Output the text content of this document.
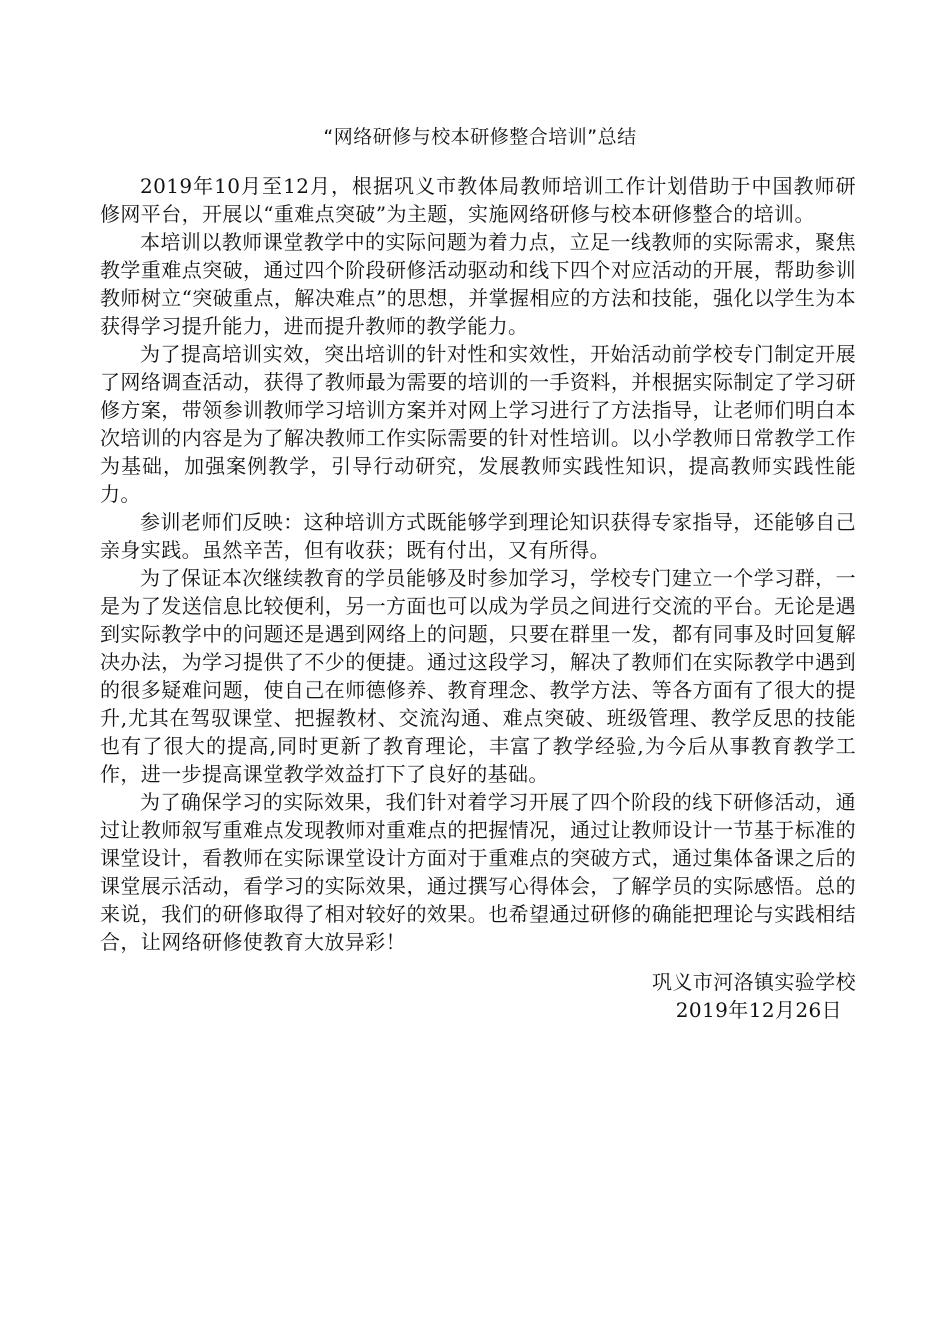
“网络研修与校本研修整合培训”总结

2019年10月至12月，根据巩义市教体局教师培训工作计划借助于中国教师研修网平台，开展以“重难点突破”为主题，实施网络研修与校本研修整合的培训。

本培训以教师课堂教学中的实际问题为着力点，立足一线教师的实际需求，聚焦教学重难点突破，通过四个阶段研修活动驱动和线下四个对应活动的开展，帮助参训教师树立“突破重点，解决难点”的思想，并掌握相应的方法和技能，强化以学生为本获得学习提升能力，进而提升教师的教学能力。

为了提高培训实效，突出培训的针对性和实效性，开始活动前学校专门制定开展了网络调查活动，获得了教师最为需要的培训的一手资料，并根据实际制定了学习研修方案，带领参训教师学习培训方案并对网上学习进行了方法指导，让老师们明白本次培训的内容是为了解决教师工作实际需要的针对性培训。以小学教师日常教学工作为基础，加强案例教学，引导行动研究，发展教师实践性知识，提高教师实践性能力。

参训老师们反映：这种培训方式既能够学到理论知识获得专家指导，还能够自己亲身实践。虽然辛苦，但有收获；既有付出，又有所得。

为了保证本次继续教育的学员能够及时参加学习，学校专门建立一个学习群，一是为了发送信息比较便利，另一方面也可以成为学员之间进行交流的平台。无论是遇到实际教学中的问题还是遇到网络上的问题，只要在群里一发，都有同事及时回复解决办法，为学习提供了不少的便捷。通过这段学习，解决了教师们在实际教学中遇到的很多疑难问题，使自己在师德修养、教育理念、教学方法、等各方面有了很大的提升,尤其在驾驭课堂、把握教材、交流沟通、难点突破、班级管理、教学反思的技能也有了很大的提高,同时更新了教育理论，丰富了教学经验,为今后从事教育教学工作，进一步提高课堂教学效益打下了良好的基础。

为了确保学习的实际效果，我们针对着学习开展了四个阶段的线下研修活动，通过让教师叙写重难点发现教师对重难点的把握情况，通过让教师设计一节基于标准的课堂设计，看教师在实际课堂设计方面对于重难点的突破方式，通过集体备课之后的课堂展示活动，看学习的实际效果，通过撰写心得体会，了解学员的实际感悟。总的来说，我们的研修取得了相对较好的效果。也希望通过研修的确能把理论与实践相结合，让网络研修使教育大放异彩！

巩义市河洛镇实验学校
2019年12月26日
